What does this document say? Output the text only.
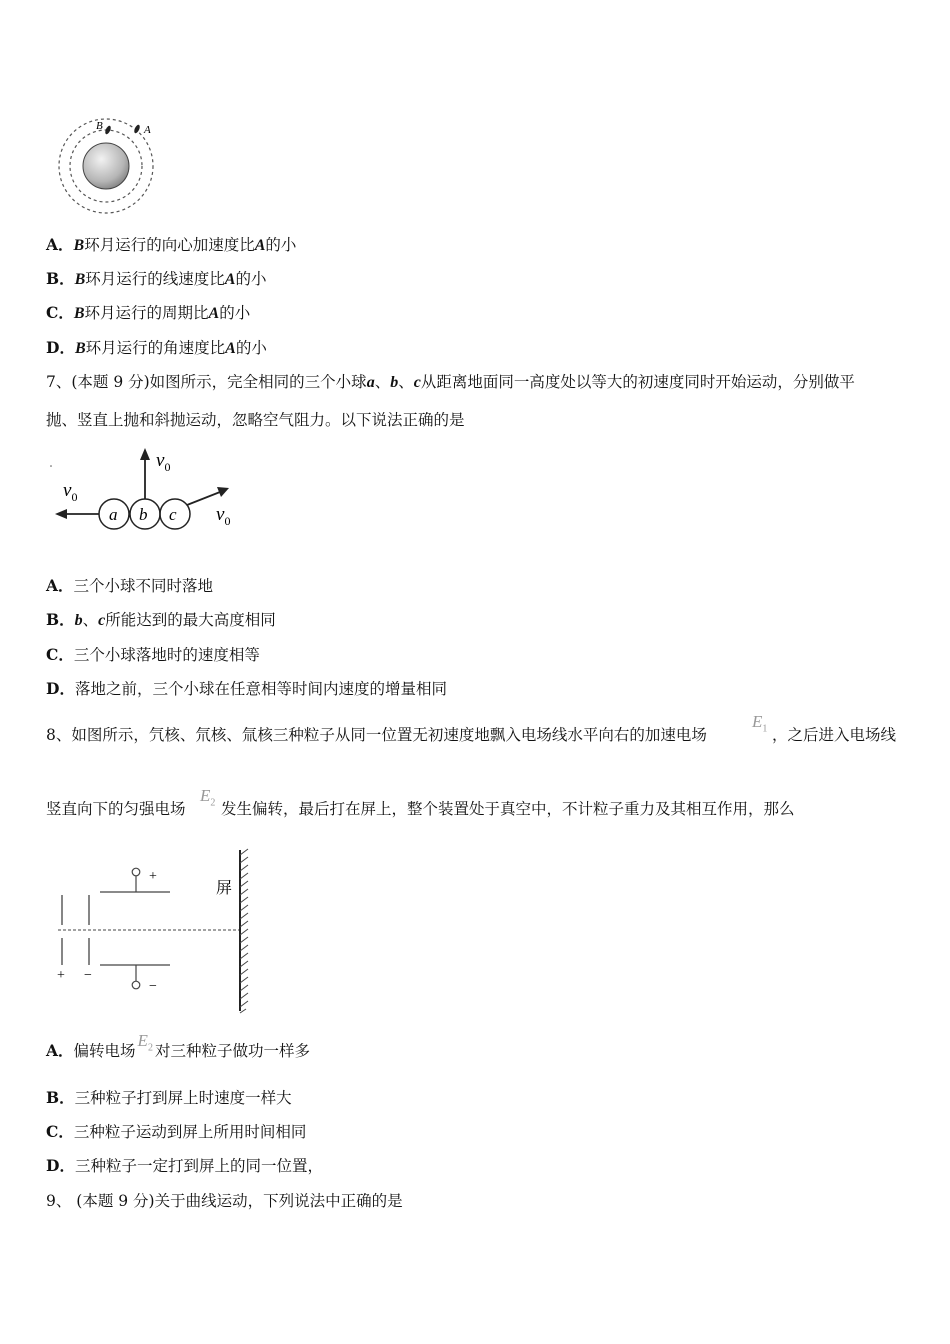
B	A
A．B环月运行的向心加速度比A的小
B．B环月运行的线速度比A的小
C．B环月运行的周期比A的小
D．B环月运行的角速度比A的小
7、(本题 9 分)如图所示，完全相同的三个小球a、b、c从距离地面同一高度处以等大的初速度同时开始运动，分别做平
抛、竖直上抛和斜抛运动，忽略空气阻力。以下说法正确的是
a b c
$v_0$
$v_0$
$v_0$
A．三个小球不同时落地
B．b、c所能达到的最大高度相同
C．三个小球落地时的速度相等
D．落地之前，三个小球在任意相等时间内速度的增量相同
8、如图所示，氕核、氘核、氚核三种粒子从同一位置无初速度地飘入电场线水平向右的加速电场
$E_1$ ，之后进入电场线
竖直向下的匀强电场
$E_2$ 发生偏转，最后打在屏上，整个装置处于真空中，不计粒子重力及其相互作用，那么
+ −
+
−
屏
A．偏转电场$E_2$ 对三种粒子做功一样多
B．三种粒子打到屏上时速度一样大
C．三种粒子运动到屏上所用时间相同
D．三种粒子一定打到屏上的同一位置，
9、 (本题 9 分)关于曲线运动，下列说法中正确的是
